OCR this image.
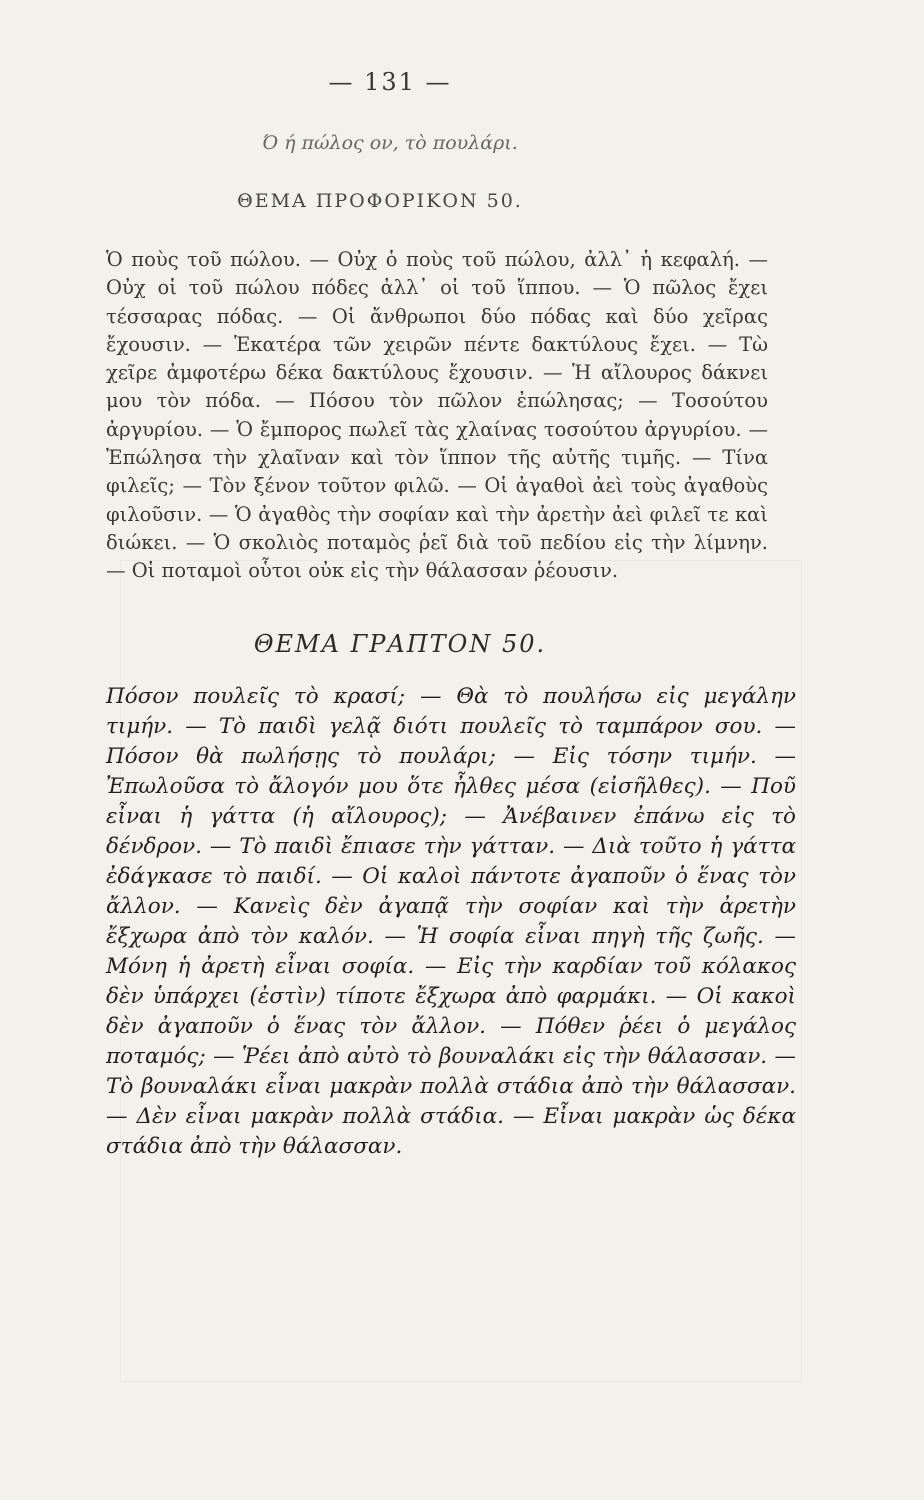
— 131 —
Ό ή πώλος ον, τὸ πουλάρι.
ΘΕΜΑ ΠΡΟΦΟΡΙΚΟΝ 50.

Ὁ ποὺς τοῦ πώλου. — Οὐχ ὁ ποὺς τοῦ πώλου, ἀλλ᾽ ἡ κεφαλή. — Οὐχ οἱ τοῦ πώλου πόδες ἀλλ᾽ οἱ τοῦ ἵππου. — Ὁ πῶλος ἔχει τέσσαρας πόδας. — Οἱ ἄνθρωποι δύο πόδας καὶ δύο χεῖρας ἔχουσιν. — Ἑκατέρα τῶν χειρῶν πέντε δακτύλους ἔχει. — Τὼ χεῖρε ἀμφοτέρω δέκα δακτύλους ἔχουσιν. — Ἡ αἴλουρος δάκνει μου τὸν πόδα. — Πόσου τὸν πῶλον ἐπώλησας; — Τοσούτου ἀργυρίου. — Ὁ ἔμπορος πωλεῖ τὰς χλαίνας τοσούτου ἀργυρίου. — Ἐπώλησα τὴν χλαῖναν καὶ τὸν ἵππον τῆς αὐτῆς τιμῆς. — Τίνα φιλεῖς; — Τὸν ξένον τοῦτον φιλῶ. — Οἱ ἀγαθοὶ ἀεὶ τοὺς ἀγαθοὺς φιλοῦσιν. — Ὁ ἀγαθὸς τὴν σοφίαν καὶ τὴν ἀρετὴν ἀεὶ φιλεῖ τε καὶ διώκει. — Ὁ σκολιὸς ποταμὸς ῥεῖ διὰ τοῦ πεδίου εἰς τὴν λίμνην. — Οἱ ποταμοὶ οὗτοι οὐκ εἰς τὴν θάλασσαν ῥέουσιν.

ΘΕΜΑ ΓΡΑΠΤΟΝ 50.

Πόσον πουλεῖς τὸ κρασί; — Θὰ τὸ πουλήσω εἰς μεγάλην τιμήν. — Τὸ παιδὶ γελᾷ διότι πουλεῖς τὸ ταμπάρον σου. — Πόσον θὰ πωλήσῃς τὸ πουλάρι; — Εἰς τόσην τιμήν. — Ἐπωλοῦσα τὸ ἄλογόν μου ὅτε ἦλθες μέσα (εἰσῆλθες). — Ποῦ εἶναι ἡ γάττα (ἡ αἴλουρος); — Ἀνέβαινεν ἐπάνω εἰς τὸ δένδρον. — Τὸ παιδὶ ἔπιασε τὴν γάτταν. — Διὰ τοῦτο ἡ γάττα ἐδάγκασε τὸ παιδί. — Οἱ καλοὶ πάντοτε ἀγαποῦν ὁ ἕνας τὸν ἄλλον. — Κανεὶς δὲν ἀγαπᾷ τὴν σοφίαν καὶ τὴν ἀρετὴν ἔξχωρα ἀπὸ τὸν καλόν. — Ἡ σοφία εἶναι πηγὴ τῆς ζωῆς. — Μόνη ἡ ἀρετὴ εἶναι σοφία. — Εἰς τὴν καρδίαν τοῦ κόλακος δὲν ὑπάρχει (ἐστὶν) τίποτε ἔξχωρα ἀπὸ φαρμάκι. — Οἱ κακοὶ δὲν ἀγαποῦν ὁ ἕνας τὸν ἄλλον. — Πόθεν ῥέει ὁ μεγάλος ποταμός; — Ῥέει ἀπὸ αὐτὸ τὸ βουναλάκι εἰς τὴν θάλασσαν. — Τὸ βουναλάκι εἶναι μακρὰν πολλὰ στάδια ἀπὸ τὴν θάλασσαν. — Δὲν εἶναι μακρὰν πολλὰ στάδια. — Εἶναι μακρὰν ὡς δέκα στάδια ἀπὸ τὴν θάλασσαν.
